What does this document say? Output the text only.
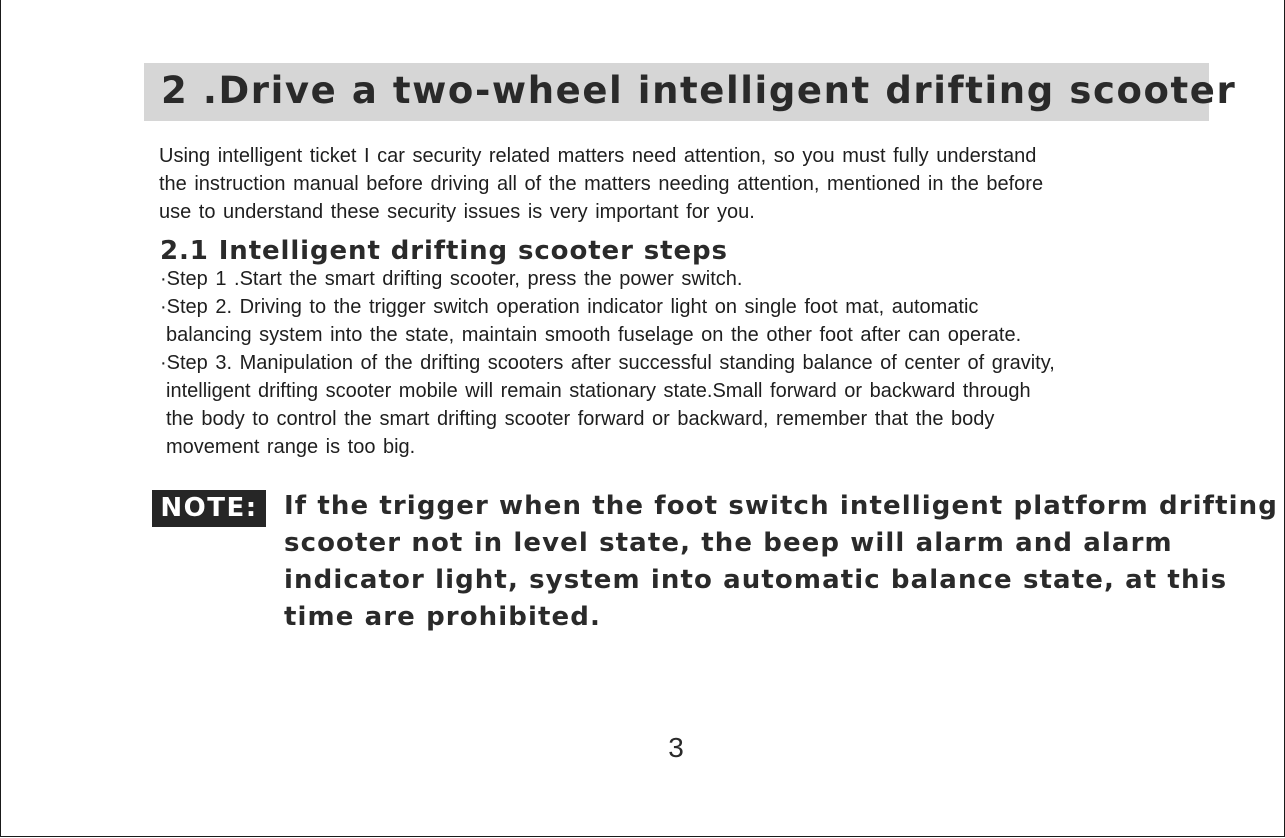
2 .Drive a two-wheel intelligent drifting scooter
Using intelligent ticket I car security related matters need attention, so you must fully understand
the instruction manual before driving all of the matters needing attention, mentioned in the before
use to understand these security issues is very important for you.
2.1 Intelligent drifting scooter steps
·Step 1 .Start the smart drifting scooter, press the power switch.
·Step 2. Driving to the trigger switch operation indicator light on single foot mat, automatic
balancing system into the state, maintain smooth fuselage on the other foot after can operate.
·Step 3. Manipulation of the drifting scooters after successful standing balance of center of gravity,
intelligent drifting scooter mobile will remain stationary state.Small forward or backward through
the body to control the smart drifting scooter forward or backward, remember that the body
movement range is too big.
NOTE:	If the trigger when the foot switch intelligent platform drifting
scooter not in level state, the beep will alarm and alarm
indicator light, system into automatic balance state, at this
time are prohibited.
3
